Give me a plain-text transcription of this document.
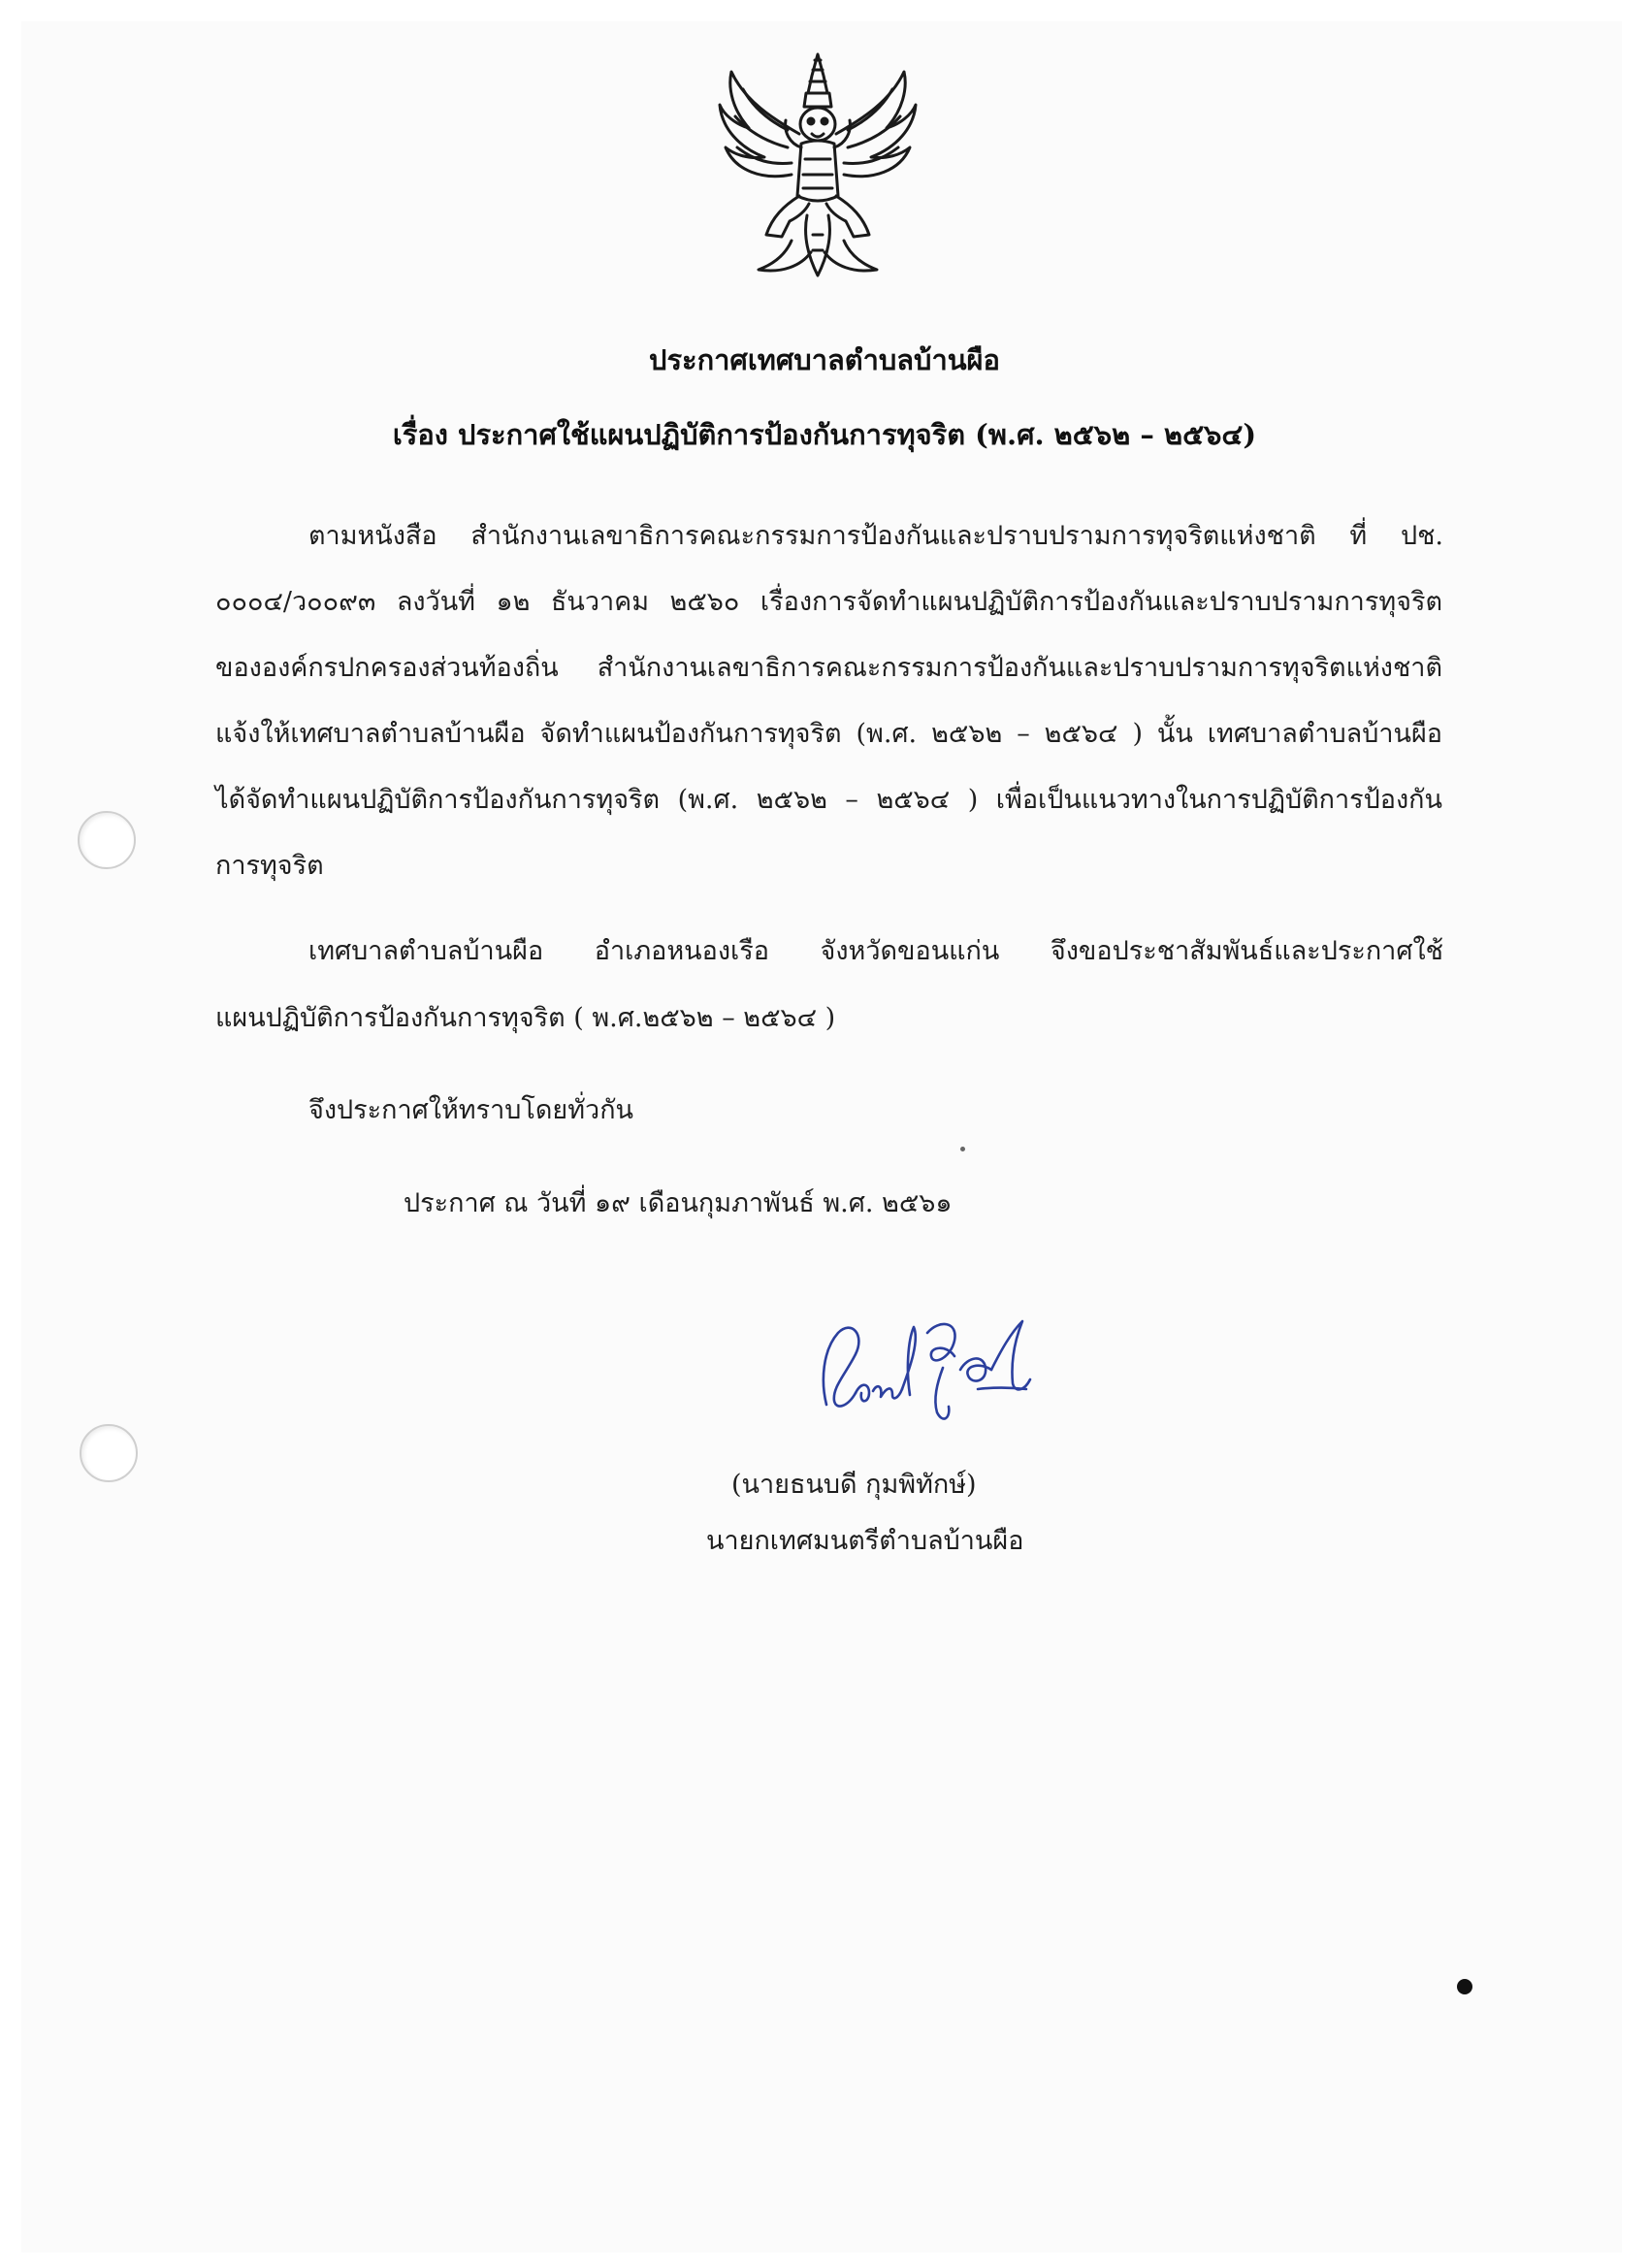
ประกาศเทศบาลตำบลบ้านผือ
เรื่อง ประกาศใช้แผนปฏิบัติการป้องกันการทุจริต (พ.ศ. ๒๕๖๒ – ๒๕๖๔)
ตามหนังสือ สำนักงานเลขาธิการคณะกรรมการป้องกันและปราบปรามการทุจริตแห่งชาติ ที่ ปช.
๐๐๐๔/ว๐๐๙๓ ลงวันที่ ๑๒ ธันวาคม ๒๕๖๐ เรื่องการจัดทำแผนปฏิบัติการป้องกันและปราบปรามการทุจริต
ขององค์กรปกครองส่วนท้องถิ่น สำนักงานเลขาธิการคณะกรรมการป้องกันและปราบปรามการทุจริตแห่งชาติ
แจ้งให้เทศบาลตำบลบ้านผือ จัดทำแผนป้องกันการทุจริต (พ.ศ. ๒๕๖๒ – ๒๕๖๔ ) นั้น เทศบาลตำบลบ้านผือ
ได้จัดทำแผนปฏิบัติการป้องกันการทุจริต (พ.ศ. ๒๕๖๒ – ๒๕๖๔ ) เพื่อเป็นแนวทางในการปฏิบัติการป้องกัน
การทุจริต
เทศบาลตำบลบ้านผือ อำเภอหนองเรือ จังหวัดขอนแก่น จึงขอประชาสัมพันธ์และประกาศใช้
แผนปฏิบัติการป้องกันการทุจริต ( พ.ศ.๒๕๖๒ – ๒๕๖๔ )
จึงประกาศให้ทราบโดยทั่วกัน
ประกาศ ณ วันที่ ๑๙ เดือนกุมภาพันธ์ พ.ศ. ๒๕๖๑
(นายธนบดี กุมพิทักษ์)
นายกเทศมนตรีตำบลบ้านผือ
